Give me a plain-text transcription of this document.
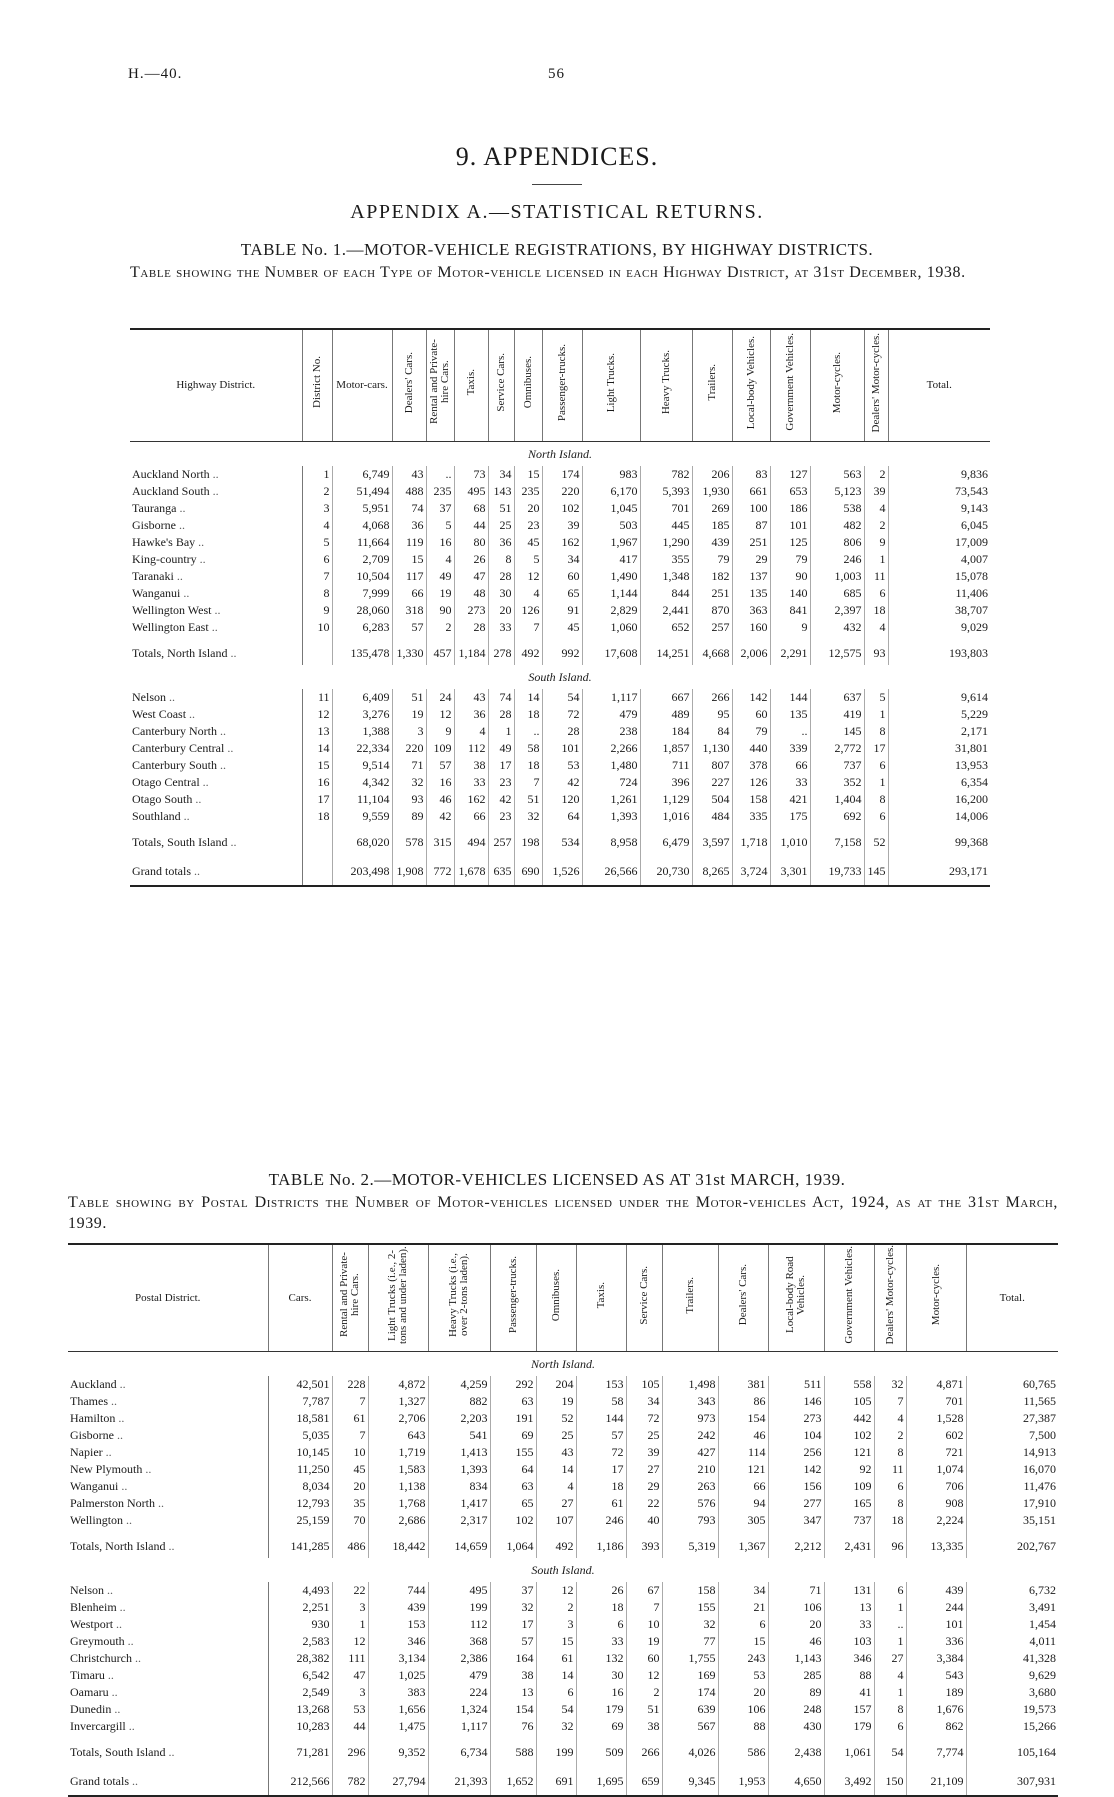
H.—40.	56
9. APPENDICES.
APPENDIX A.—STATISTICAL RETURNS.
TABLE No. 1.—MOTOR-VEHICLE REGISTRATIONS, BY HIGHWAY DISTRICTS.
Table showing the Number of each Type of Motor-vehicle licensed in each Highway District, at 31st December, 1938.
Highway District.	District No.	Motor-cars.	Dealers' Cars.	Rental and Private-hire Cars.	Taxis.	Service Cars.	Omnibuses.	Passenger-trucks.	Light Trucks.	Heavy Trucks.	Trailers.	Local-body Vehicles.	Government Vehicles.	Motor-cycles.	Dealers' Motor-cycles.	Total.
North Island.																
Auckland North ..	1	6,749	43	..	73	34	15	174	983	782	206	83	127	563	2	9,836
Auckland South ..	2	51,494	488	235	495	143	235	220	6,170	5,393	1,930	661	653	5,123	39	73,543
Tauranga ..	3	5,951	74	37	68	51	20	102	1,045	701	269	100	186	538	4	9,143
Gisborne ..	4	4,068	36	5	44	25	23	39	503	445	185	87	101	482	2	6,045
Hawke's Bay ..	5	11,664	119	16	80	36	45	162	1,967	1,290	439	251	125	806	9	17,009
King-country ..	6	2,709	15	4	26	8	5	34	417	355	79	29	79	246	1	4,007
Taranaki ..	7	10,504	117	49	47	28	12	60	1,490	1,348	182	137	90	1,003	11	15,078
Wanganui ..	8	7,999	66	19	48	30	4	65	1,144	844	251	135	140	685	6	11,406
Wellington West ..	9	28,060	318	90	273	20	126	91	2,829	2,441	870	363	841	2,397	18	38,707
Wellington East ..	10	6,283	57	2	28	33	7	45	1,060	652	257	160	9	432	4	9,029
Totals, North Island ..		135,478	1,330	457	1,184	278	492	992	17,608	14,251	4,668	2,006	2,291	12,575	93	193,803
South Island.																
Nelson ..	11	6,409	51	24	43	74	14	54	1,117	667	266	142	144	637	5	9,614
West Coast ..	12	3,276	19	12	36	28	18	72	479	489	95	60	135	419	1	5,229
Canterbury North ..	13	1,388	3	9	4	1	..	28	238	184	84	79	..	145	8	2,171
Canterbury Central ..	14	22,334	220	109	112	49	58	101	2,266	1,857	1,130	440	339	2,772	17	31,801
Canterbury South ..	15	9,514	71	57	38	17	18	53	1,480	711	807	378	66	737	6	13,953
Otago Central ..	16	4,342	32	16	33	23	7	42	724	396	227	126	33	352	1	6,354
Otago South ..	17	11,104	93	46	162	42	51	120	1,261	1,129	504	158	421	1,404	8	16,200
Southland ..	18	9,559	89	42	66	23	32	64	1,393	1,016	484	335	175	692	6	14,006
Totals, South Island ..		68,020	578	315	494	257	198	534	8,958	6,479	3,597	1,718	1,010	7,158	52	99,368
Grand totals ..		203,498	1,908	772	1,678	635	690	1,526	26,566	20,730	8,265	3,724	3,301	19,733	145	293,171
TABLE No. 2.—MOTOR-VEHICLES LICENSED AS AT 31st MARCH, 1939.
Table showing by Postal Districts the Number of Motor-vehicles licensed under the Motor-vehicles Act, 1924, as at the 31st March, 1939.
Postal District.	Cars.	Rental and Private-hire Cars.	Light Trucks (i.e., 2-tons and under laden).	Heavy Trucks (i.e., over 2-tons laden).	Passenger-trucks.	Omnibuses.	Taxis.	Service Cars.	Trailers.	Dealers' Cars.	Local-body Road Vehicles.	Government Vehicles.	Dealers' Motor-cycles.	Motor-cycles.	Total.
North Island.															
Auckland ..	42,501	228	4,872	4,259	292	204	153	105	1,498	381	511	558	32	4,871	60,765
Thames ..	7,787	7	1,327	882	63	19	58	34	343	86	146	105	7	701	11,565
Hamilton ..	18,581	61	2,706	2,203	191	52	144	72	973	154	273	442	4	1,528	27,387
Gisborne ..	5,035	7	643	541	69	25	57	25	242	46	104	102	2	602	7,500
Napier ..	10,145	10	1,719	1,413	155	43	72	39	427	114	256	121	8	721	14,913
New Plymouth ..	11,250	45	1,583	1,393	64	14	17	27	210	121	142	92	11	1,074	16,070
Wanganui ..	8,034	20	1,138	834	63	4	18	29	263	66	156	109	6	706	11,476
Palmerston North ..	12,793	35	1,768	1,417	65	27	61	22	576	94	277	165	8	908	17,910
Wellington ..	25,159	70	2,686	2,317	102	107	246	40	793	305	347	737	18	2,224	35,151
Totals, North Island ..	141,285	486	18,442	14,659	1,064	492	1,186	393	5,319	1,367	2,212	2,431	96	13,335	202,767
South Island.															
Nelson ..	4,493	22	744	495	37	12	26	67	158	34	71	131	6	439	6,732
Blenheim ..	2,251	3	439	199	32	2	18	7	155	21	106	13	1	244	3,491
Westport ..	930	1	153	112	17	3	6	10	32	6	20	33	..	101	1,454
Greymouth ..	2,583	12	346	368	57	15	33	19	77	15	46	103	1	336	4,011
Christchurch ..	28,382	111	3,134	2,386	164	61	132	60	1,755	243	1,143	346	27	3,384	41,328
Timaru ..	6,542	47	1,025	479	38	14	30	12	169	53	285	88	4	543	9,629
Oamaru ..	2,549	3	383	224	13	6	16	2	174	20	89	41	1	189	3,680
Dunedin ..	13,268	53	1,656	1,324	154	54	179	51	639	106	248	157	8	1,676	19,573
Invercargill ..	10,283	44	1,475	1,117	76	32	69	38	567	88	430	179	6	862	15,266
Totals, South Island ..	71,281	296	9,352	6,734	588	199	509	266	4,026	586	2,438	1,061	54	7,774	105,164
Grand totals ..	212,566	782	27,794	21,393	1,652	691	1,695	659	9,345	1,953	4,650	3,492	150	21,109	307,931
